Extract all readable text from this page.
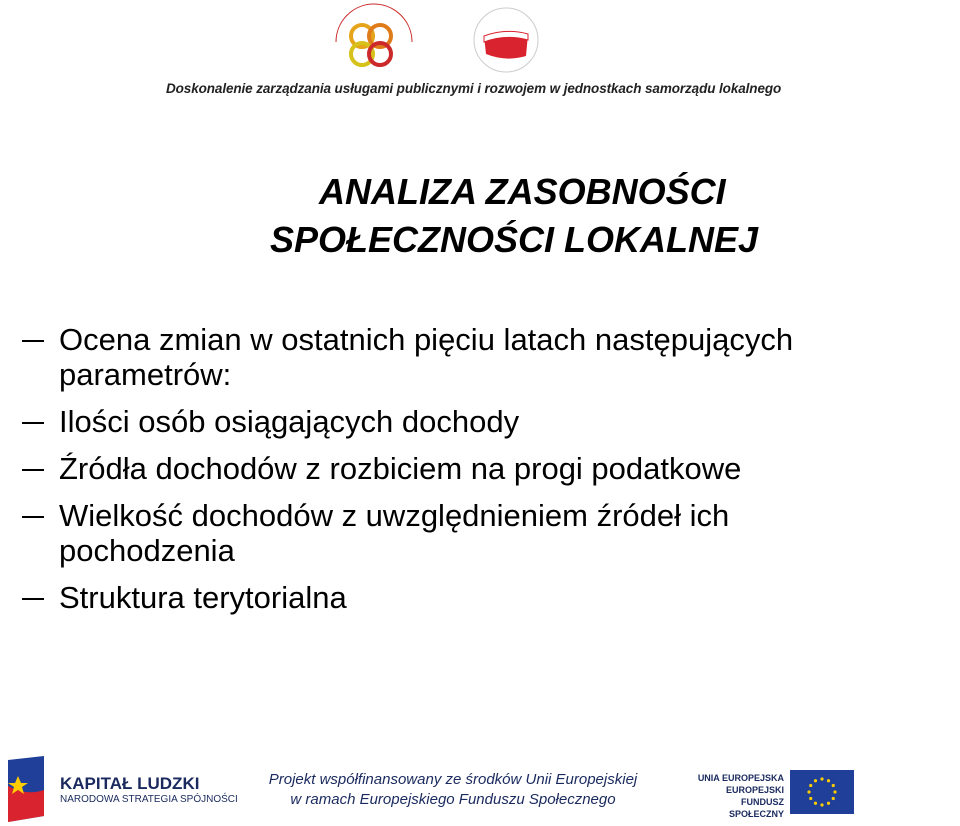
Doskonalenie zarządzania usługami publicznymi i rozwojem w jednostkach samorządu lokalnego
ANALIZA ZASOBNOŚCI
SPOŁECZNOŚCI LOKALNEJ
Ocena zmian w ostatnich pięciu latach następujących
parametrów:
Ilości osób osiągających dochody
Źródła dochodów z rozbiciem na progi podatkowe
Wielkość dochodów z uwzględnieniem źródeł ich
pochodzenia
Struktura terytorialna
KAPITAŁ LUDZKI
NARODOWA STRATEGIA SPÓJNOŚCI
Projekt współfinansowany ze środków Unii Europejskiej
w ramach Europejskiego Funduszu Społecznego
UNIA EUROPEJSKA
EUROPEJSKI
FUNDUSZ SPOŁECZNY
